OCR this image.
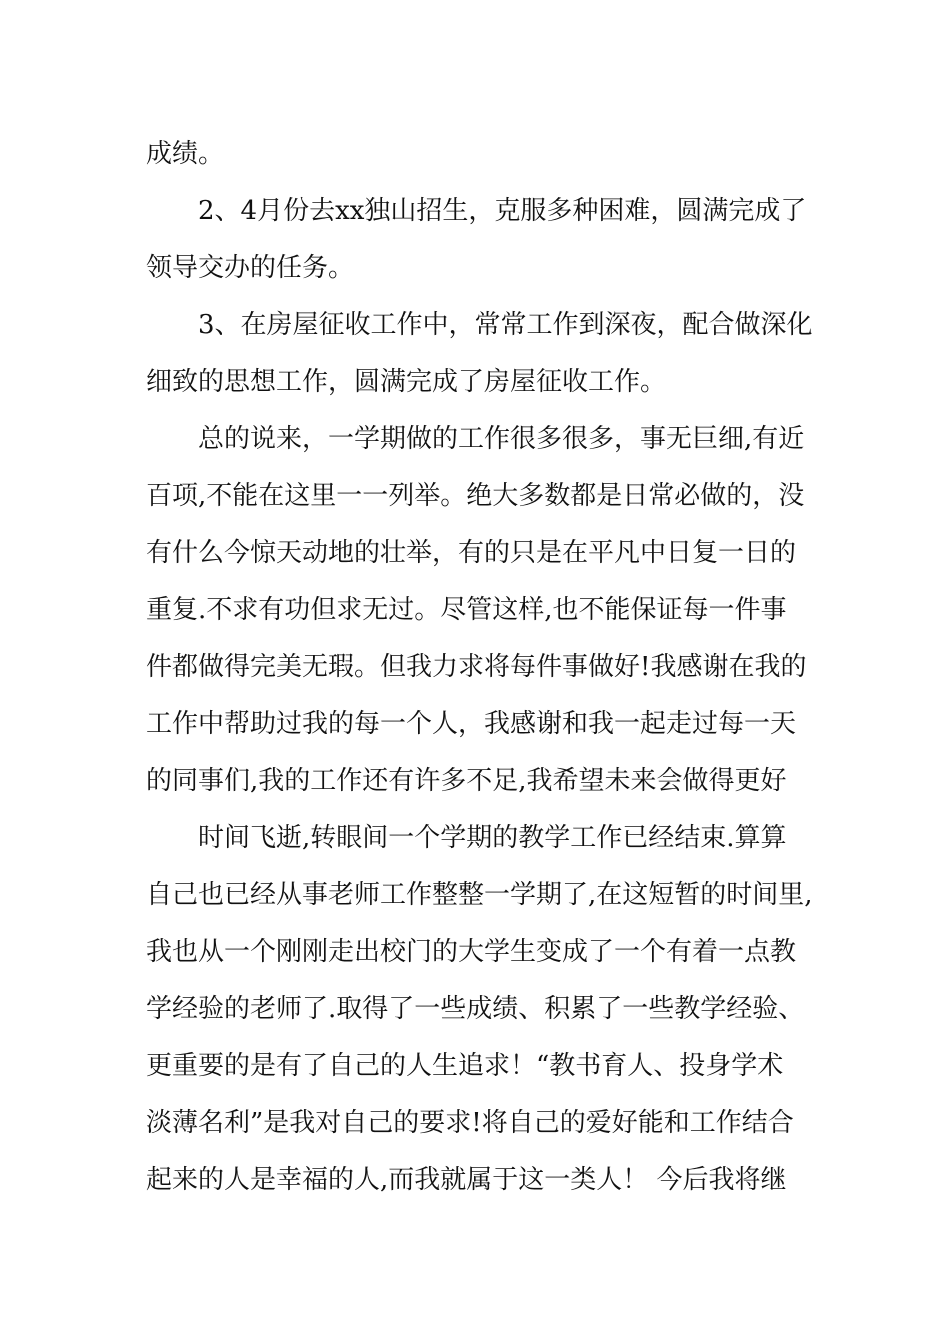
成绩。
2、4月份去xx独山招生，克服多种困难，圆满完成了
领导交办的任务。
3、在房屋征收工作中，常常工作到深夜，配合做深化
细致的思想工作，圆满完成了房屋征收工作。
总的说来，一学期做的工作很多很多，事无巨细,有近
百项,不能在这里一一列举。绝大多数都是日常必做的，没
有什么今惊天动地的壮举，有的只是在平凡中日复一日的
重复.不求有功但求无过。尽管这样,也不能保证每一件事
件都做得完美无瑕。但我力求将每件事做好!我感谢在我的
工作中帮助过我的每一个人，我感谢和我一起走过每一天
的同事们,我的工作还有许多不足,我希望未来会做得更好
时间飞逝,转眼间一个学期的教学工作已经结束.算算
自己也已经从事老师工作整整一学期了,在这短暂的时间里,
我也从一个刚刚走出校门的大学生变成了一个有着一点教
学经验的老师了.取得了一些成绩、积累了一些教学经验、
更重要的是有了自己的人生追求！“教书育人、投身学术
淡薄名利”是我对自己的要求!将自己的爱好能和工作结合
起来的人是幸福的人,而我就属于这一类人！ 今后我将继
